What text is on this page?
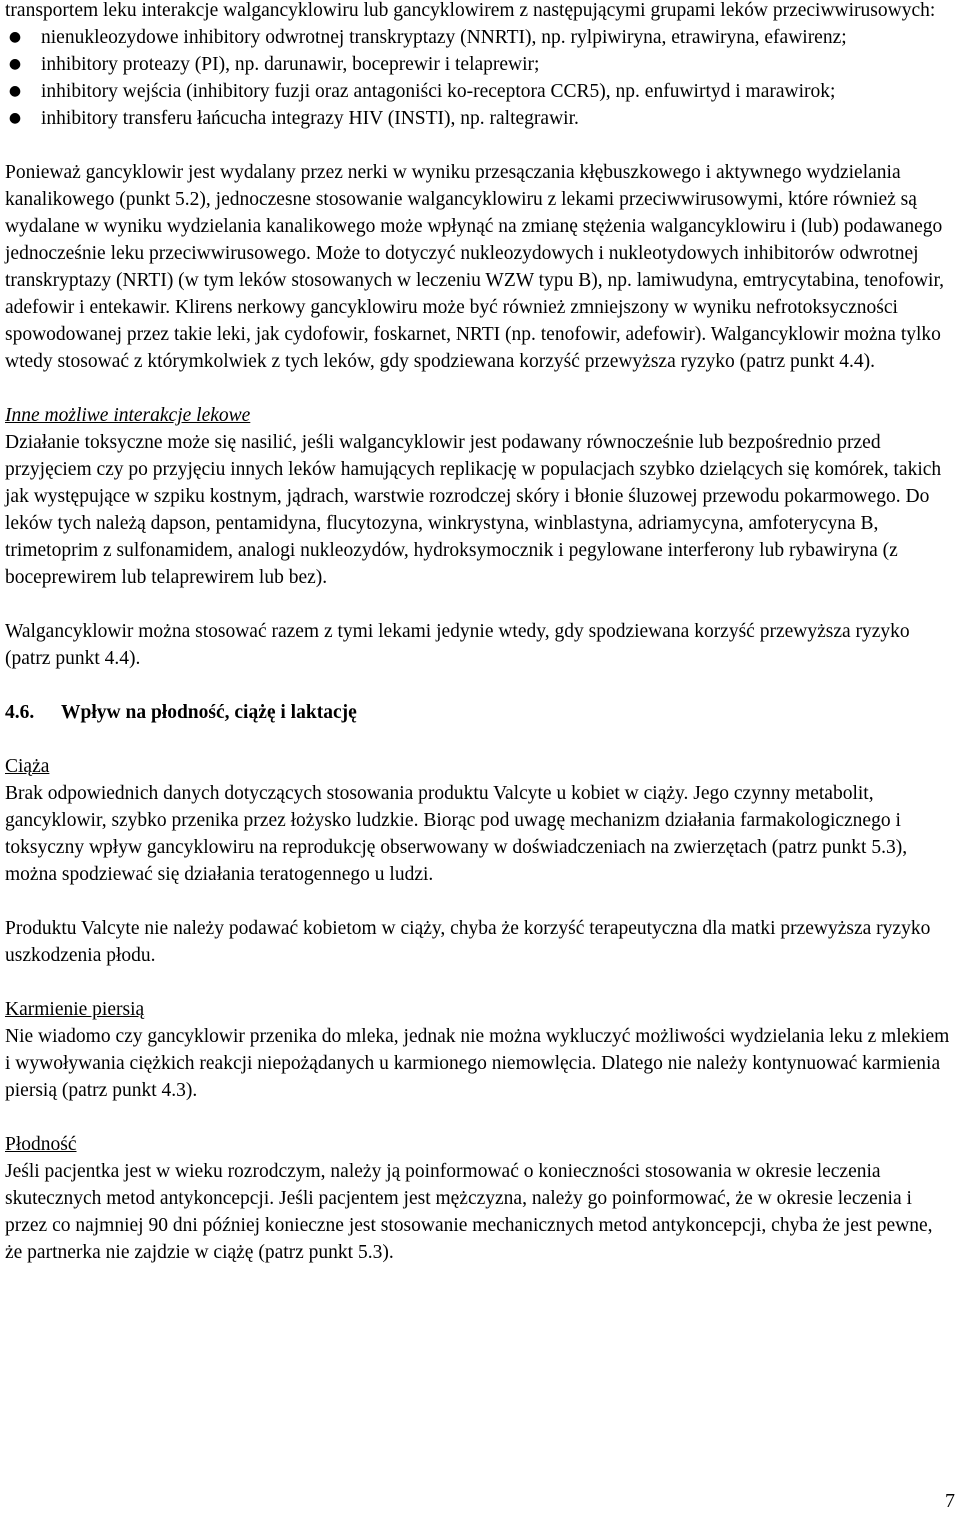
transportem leku interakcje walgancyklowiru lub gancyklowirem z następującymi grupami leków przeciwwirusowych:

● nienukleozydowe inhibitory odwrotnej transkryptazy (NNRTI), np. rylpiwiryna, etrawiryna, efawirenz;
● inhibitory proteazy (PI), np. darunawir, boceprewir i telaprewir;
● inhibitory wejścia (inhibitory fuzji oraz antagoniści ko-receptora CCR5), np. enfuwirtyd i marawirok;
● inhibitory transferu łańcucha integrazy HIV (INSTI), np. raltegrawir.

Ponieważ gancyklowir jest wydalany przez nerki w wyniku przesączania kłębuszkowego i aktywnego wydzielania kanalikowego (punkt 5.2), jednoczesne stosowanie walgancyklowiru z lekami przeciwwirusowymi, które również są wydalane w wyniku wydzielania kanalikowego może wpłynąć na zmianę stężenia walgancyklowiru i (lub) podawanego jednocześnie leku przeciwwirusowego. Może to dotyczyć nukleozydowych i nukleotydowych inhibitorów odwrotnej transkryptazy (NRTI) (w tym leków stosowanych w leczeniu WZW typu B), np. lamiwudyna, emtrycytabina, tenofowir, adefowir i entekawir. Klirens nerkowy gancyklowiru może być również zmniejszony w wyniku nefrotoksyczności spowodowanej przez takie leki, jak cydofowir, foskarnet, NRTI (np. tenofowir, adefowir). Walgancyklowir można tylko wtedy stosować z którymkolwiek z tych leków, gdy spodziewana korzyść przewyższa ryzyko (patrz punkt 4.4).

Inne możliwe interakcje lekowe

Działanie toksyczne może się nasilić, jeśli walgancyklowir jest podawany równocześnie lub bezpośrednio przed przyjęciem czy po przyjęciu innych leków hamujących replikację w populacjach szybko dzielących się komórek, takich jak występujące w szpiku kostnym, jądrach, warstwie rozrodczej skóry i błonie śluzowej przewodu pokarmowego. Do leków tych należą dapson, pentamidyna, flucytozyna, winkrystyna, winblastyna, adriamycyna, amfoterycyna B, trimetoprim z sulfonamidem, analogi nukleozydów, hydroksymocznik i pegylowane interferony lub rybawiryna (z boceprewirem lub telaprewirem lub bez).

Walgancyklowir można stosować razem z tymi lekami jedynie wtedy, gdy spodziewana korzyść przewyższa ryzyko (patrz punkt 4.4).

4.6.	Wpływ na płodność, ciążę i laktację

Ciąża

Brak odpowiednich danych dotyczących stosowania produktu Valcyte u kobiet w ciąży. Jego czynny metabolit, gancyklowir, szybko przenika przez łożysko ludzkie. Biorąc pod uwagę mechanizm działania farmakologicznego i toksyczny wpływ gancyklowiru na reprodukcję obserwowany w doświadczeniach na zwierzętach (patrz punkt 5.3), można spodziewać się działania teratogennego u ludzi.

Produktu Valcyte nie należy podawać kobietom w ciąży, chyba że korzyść terapeutyczna dla matki przewyższa ryzyko uszkodzenia płodu.

Karmienie piersią

Nie wiadomo czy gancyklowir przenika do mleka, jednak nie można wykluczyć możliwości wydzielania leku z mlekiem i wywoływania ciężkich reakcji niepożądanych u karmionego niemowlęcia. Dlatego nie należy kontynuować karmienia piersią (patrz punkt 4.3).

Płodność

Jeśli pacjentka jest w wieku rozrodczym, należy ją poinformować o konieczności stosowania w okresie leczenia skutecznych metod antykoncepcji. Jeśli pacjentem jest mężczyzna, należy go poinformować, że w okresie leczenia i przez co najmniej 90 dni później konieczne jest stosowanie mechanicznych metod antykoncepcji, chyba że jest pewne, że partnerka nie zajdzie w ciążę (patrz punkt 5.3).

7
